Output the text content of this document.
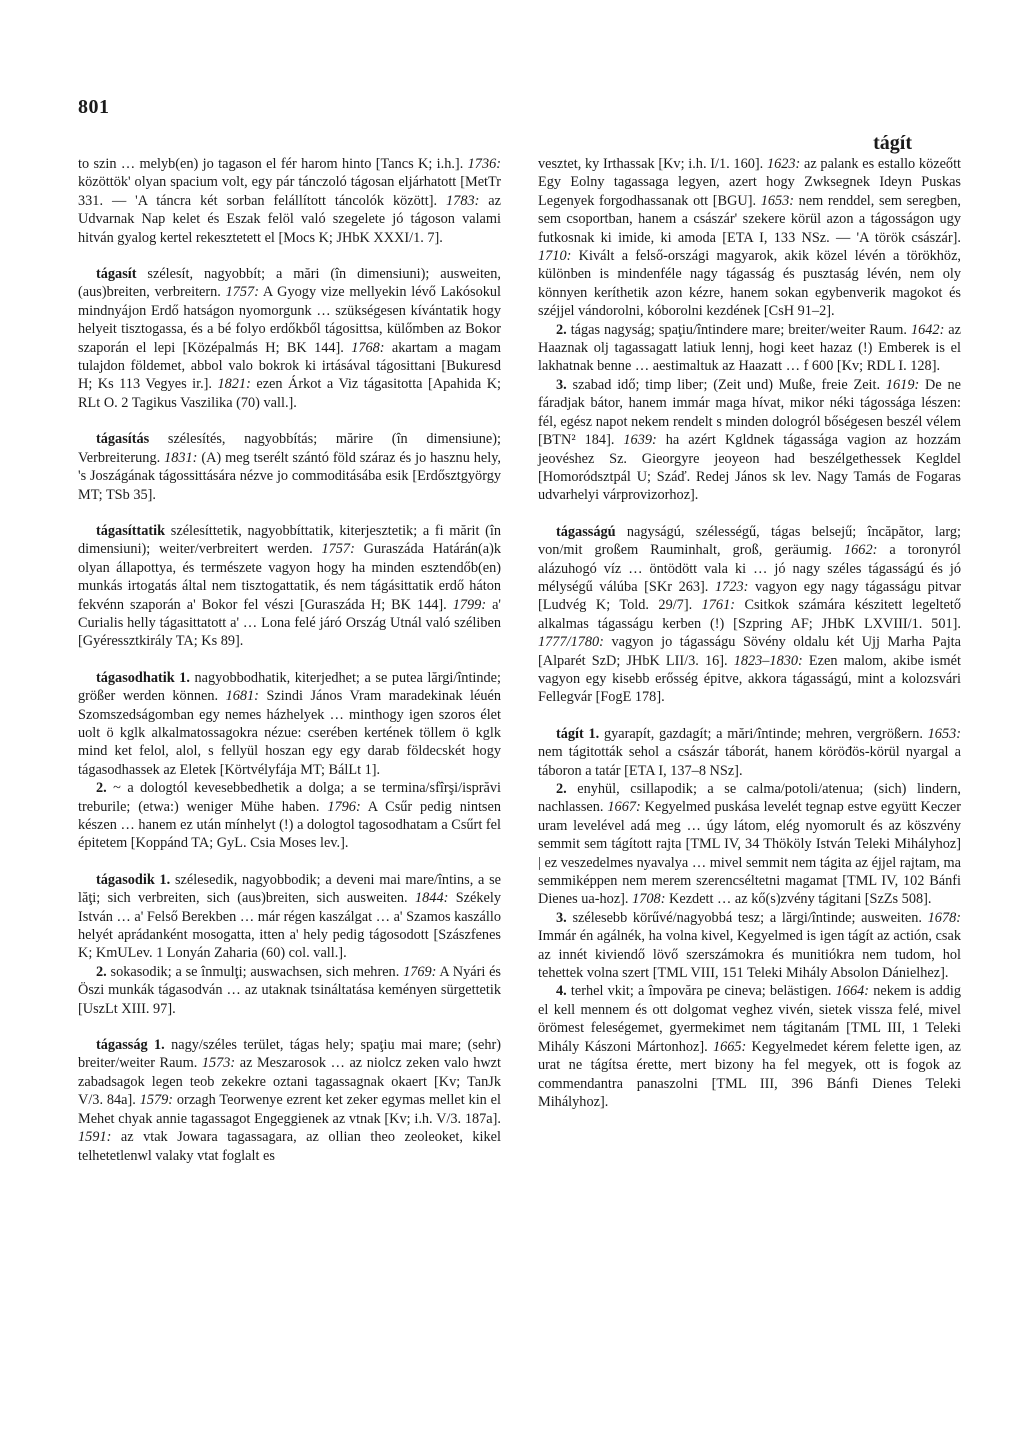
801
tágít

to szin … melyb(en) jo tagason el fér harom hinto [Tancs K; i.h.]. 1736: közöttök' olyan spacium volt, egy pár tánczoló tágosan eljárhatott [MetTr 331. — 'A táncra két sorban felállított táncolók között]. 1783: az Udvarnak Nap kelet és Eszak felöl való szegelete jó tágoson valami hitván gyalog kertel rekesztetett el [Mocs K; JHbK XXXI/1. 7].

tágasít szélesít, nagyobbít; a mări (în dimensiuni); ausweiten, (aus)breiten, verbreitern. 1757: A Gyogy vize mellyekin lévő Lakósokul mindnyájon Erdő hatságon nyomorgunk … szükségesen kívántatik hogy helyeit tisztogassa, és a bé folyo erdőkből tágosittsa, külőmben az Bokor szaporán el lepi [Középalmás H; BK 144]. 1768: akartam a magam tulajdon földemet, abbol valo bokrok ki irtásával tágosittani [Bukuresd H; Ks 113 Vegyes ir.]. 1821: ezen Árkot a Viz tágasitotta [Apahida K; RLt O. 2 Tagikus Vaszilika (70) vall.].

tágasítás szélesítés, nagyobbítás; mărire (în dimensiune); Verbreiterung. 1831: (A) meg tserélt szántó föld száraz és jo hasznu hely, 's Joszágának tágossittására nézve jo commoditásába esik [Erdősztgyörgy MT; TSb 35].

tágasíttatik szélesíttetik, nagyobbíttatik, kiterjesztetik; a fi mărit (în dimensiuni); weiter/verbreitert werden. 1757: Guraszáda Határán(a)k olyan állapottya, és természete vagyon hogy ha minden esztendőb(en) munkás irtogatás által nem tisztogattatik, és nem tágásittatik erdő háton fekvénn szaporán a' Bokor fel vészi [Guraszáda H; BK 144]. 1799: a' Curialis helly tágasittatott a' … Lona felé járó Ország Utnál való széliben [Gyéressztkirály TA; Ks 89].

tágasodhatik 1. nagyobbodhatik, kiterjedhet; a se putea lărgi/întinde; größer werden können. 1681: Szindi János Vram maradekinak léuén Szomszedságomban egy nemes házhelyek … minthogy igen szoros élet uolt ö kglk alkalmatossagokra nézue: cserében kertének töllem ö kglk mind ket felol, alol, s fellyül hoszan egy egy darab földecskét hogy tágasodhassek az Eletek [Körtvélyfája MT; BálLt 1].

2. ~ a dologtól kevesebbedhetik a dolga; a se termina/sfîrşi/isprăvi treburile; (etwa:) weniger Mühe haben. 1796: A Csűr pedig nintsen készen … hanem ez után mínhelyt (!) a dologtol tagosodhatam a Csűrt fel épitetem [Koppánd TA; GyL. Csia Moses lev.].

tágasodik 1. szélesedik, nagyobbodik; a deveni mai mare/întins, a se lăţi; sich verbreiten, sich (aus)breiten, sich ausweiten. 1844: Székely István … a' Felső Berekben … már régen kaszálgat … a' Szamos kaszállo helyét aprádanként mosogatta, itten a' hely pedig tágosodott [Szászfenes K; KmULev. 1 Lonyán Zaharia (60) col. vall.].

2. sokasodik; a se înmulţi; auswachsen, sich mehren. 1769: A Nyári és Öszi munkák tágasodván … az utaknak tsináltatása keményen sürgettetik [UszLt XIII. 97].

tágasság 1. nagy/széles terület, tágas hely; spaţiu mai mare; (sehr) breiter/weiter Raum. 1573: az Meszarosok … az niolcz zeken valo hwzt zabadsagok legen teob zekekre oztani tagassagnak okaert [Kv; TanJk V/3. 84a]. 1579: orzagh Teorwenye ezrent ket zeker egymas mellet kin el Mehet chyak annie tagassagot Engeggienek az vtnak [Kv; i.h. V/3. 187a]. 1591: az vtak Jowara tagassagara, az ollian theo zeoleoket, kikel telhetetlenwl valaky vtat foglalt es

vesztet, ky Irthassak [Kv; i.h. I/1. 160]. 1623: az palank es estallo közeőtt Egy Eolny tagassaga legyen, azert hogy Zwksegnek Ideyn Puskas Legenyek forgodhassanak ott [BGU]. 1653: nem renddel, sem seregben, sem csoportban, hanem a császár' szekere körül azon a tágosságon ugy futkosnak ki imide, ki amoda [ETA I, 133 NSz. — 'A török császár]. 1710: Kivált a felső-országi magyarok, akik közel lévén a törökhöz, különben is mindenféle nagy tágasság és pusztaság lévén, nem oly könnyen keríthetik azon kézre, hanem sokan egybenverik magokot és széjjel vándorolni, kóborolni kezdének [CsH 91–2].

2. tágas nagyság; spaţiu/întindere mare; breiter/weiter Raum. 1642: az Haaznak olj tagassagatt latiuk lennj, hogi keet hazaz (!) Emberek is el lakhatnak benne … aestimaltuk az Haazatt … f 600 [Kv; RDL I. 128].

3. szabad idő; timp liber; (Zeit und) Muße, freie Zeit. 1619: De ne fáradjak bátor, hanem immár maga hívat, mikor néki tágossága lészen: fél, egész napot nekem rendelt s minden dologról bőségesen beszél vélem [BTN² 184]. 1639: ha azért Kgldnek tágassága vagion az hozzám jeovéshez Sz. Gieorgyre jeoyeon had beszélgethessek Kegldel [Homoródsztpál U; Száď. Redej János sk lev. Nagy Tamás de Fogaras udvarhelyi várprovizorhoz].

tágasságú nagyságú, szélességű, tágas belsejű; încăpător, larg; von/mit großem Rauminhalt, groß, geräumig. 1662: a toronyról alázuhogó víz … öntödött vala ki … jó nagy széles tágasságú és jó mélységű válúba [SKr 263]. 1723: vagyon egy nagy tágasságu pitvar [Ludvég K; Told. 29/7]. 1761: Csitkok számára készitett legeltető alkalmas tágasságu kerben (!) [Szpring AF; JHbK LXVIII/1. 501]. 1777/1780: vagyon jo tágasságu Sövény oldalu két Ujj Marha Pajta [Alparét SzD; JHbK LII/3. 16]. 1823–1830: Ezen malom, akibe ismét vagyon egy kisebb erősség épitve, akkora tágasságú, mint a kolozsvári Fellegvár [FogE 178].

tágít 1. gyarapít, gazdagít; a mări/întinde; mehren, vergrößern. 1653: nem tágitották sehol a császár táborát, hanem köröđös-körül nyargal a táboron a tatár [ETA I, 137–8 NSz].

2. enyhül, csillapodik; a se calma/potoli/atenua; (sich) lindern, nachlassen. 1667: Kegyelmed puskása levelét tegnap estve együtt Keczer uram levelével adá meg … úgy látom, elég nyomorult és az köszvény semmit sem tágított rajta [TML IV, 34 Thököly István Teleki Mihályhoz] | ez veszedelmes nyavalya … mivel semmit nem tágita az éjjel rajtam, ma semmiképpen nem merem szerencséltetni magamat [TML IV, 102 Bánfi Dienes ua-hoz]. 1708: Kezdett … az kő(s)zvény tágitani [SzZs 508].

3. szélesebb körűvé/nagyobbá tesz; a lărgi/întinde; ausweiten. 1678: Immár én agálnék, ha volna kivel, Kegyelmed is igen tágít az actión, csak az innét kiviendő lövő szerszámokra és munitiókra nem tudom, hol tehettek volna szert [TML VIII, 151 Teleki Mihály Absolon Dánielhez].

4. terhel vkit; a împovăra pe cineva; belästigen. 1664: nekem is addig el kell mennem és ott dolgomat veghez vivén, sietek vissza felé, mivel örömest feleségemet, gyermekimet nem tágitanám [TML III, 1 Teleki Mihály Kászoni Mártonhoz]. 1665: Kegyelmedet kérem felette igen, az urat ne tágítsa érette, mert bizony ha fel megyek, ott is fogok az commendantra panaszolni [TML III, 396 Bánfi Dienes Teleki Mihályhoz].
